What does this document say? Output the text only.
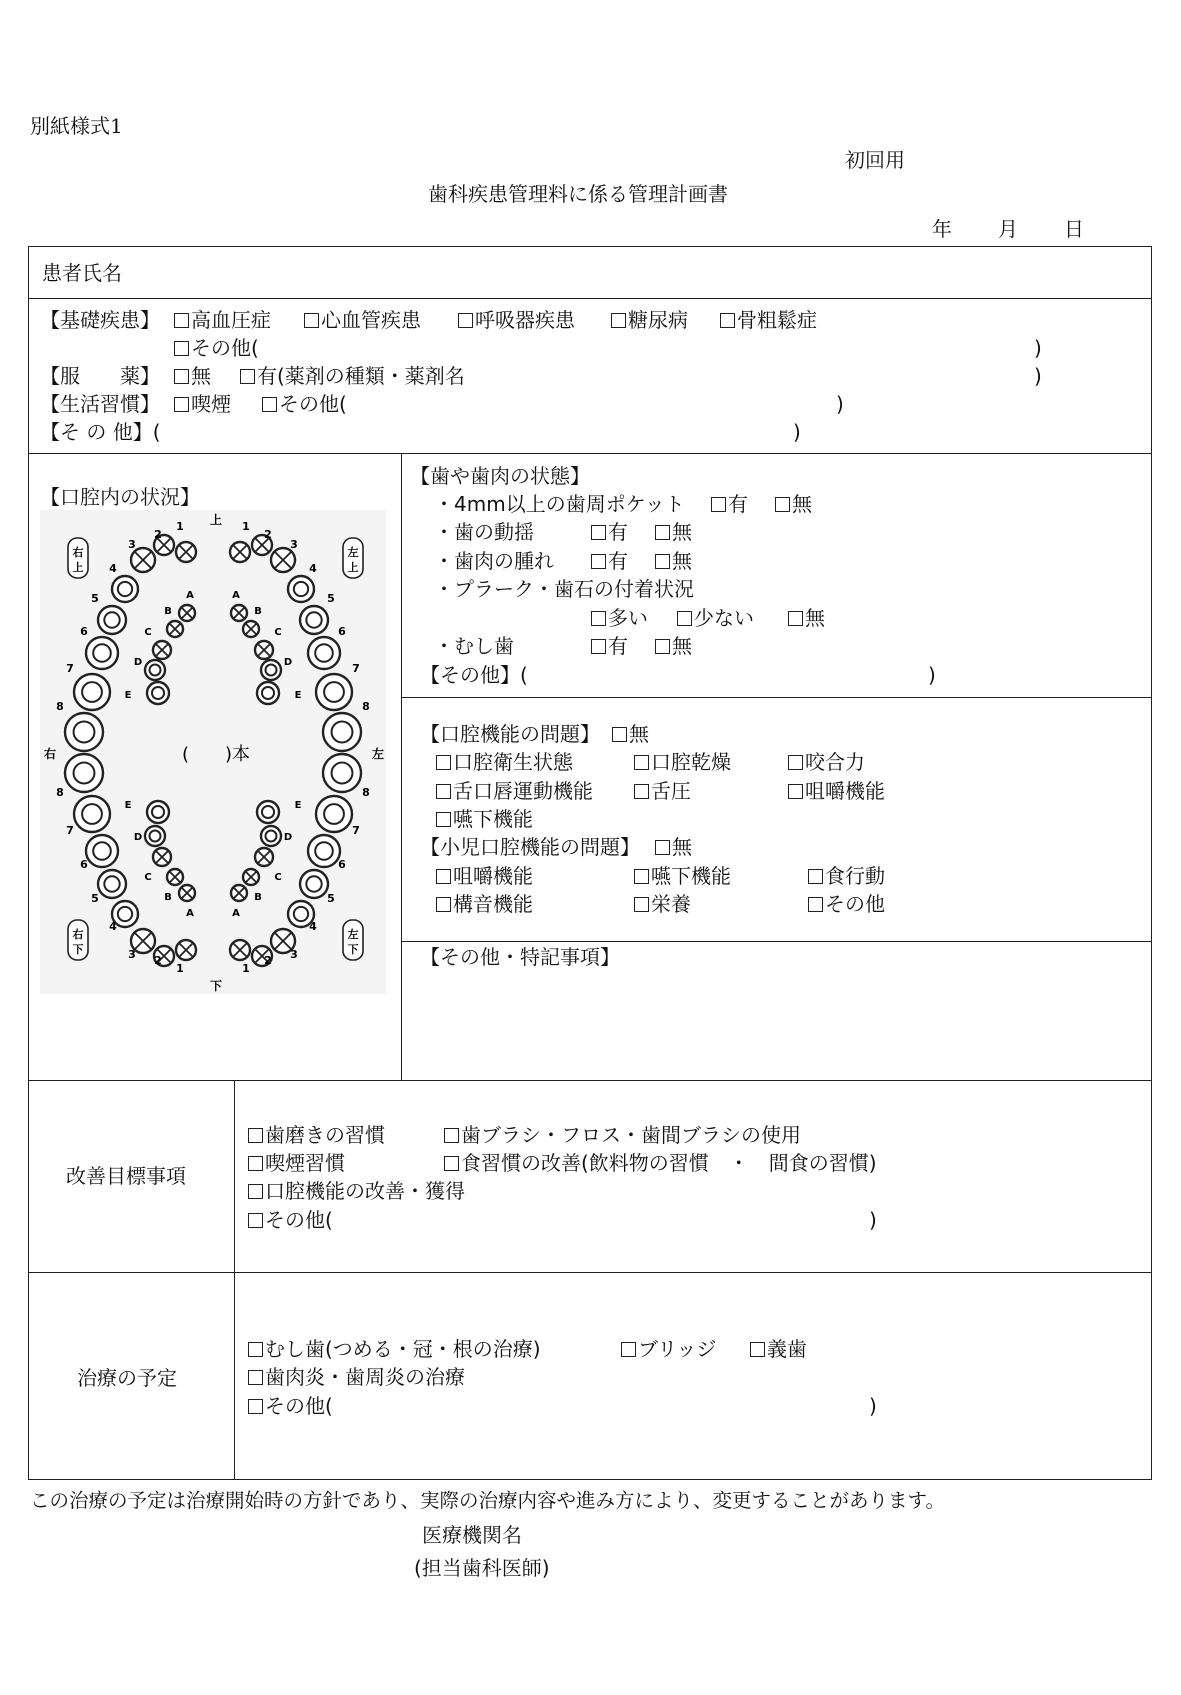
別紙様式1
初回用
歯科疾患管理料に係る管理計画書
年 月 日
患者氏名
【基礎疾患】	高血圧症	心血管疾患	呼吸器疾患	糖尿病	骨粗鬆症
その他(	)
【服　　薬】	無	有(薬剤の種類・薬剤名	)
【生活習慣】	喫煙	その他(	)
【そ の 他】(	)
【口腔内の状況】
1	1
1	1
2	2
2	2
3	3
3	3
4	4
4	4
5	5
5	5
6	6
6	6
7	7
7	7
8	8
8	8
A	A
A	A
B	B
B	B
C	C
C	C
D	D
D	D
E	E
E	E
上
下
右	左
(　　)本
右
上
左
上
右
下
左
下
【歯や歯肉の状態】
・4mm以上の歯周ポケット	有	無
・歯の動揺	有	無
・歯肉の腫れ	有	無
・プラーク・歯石の付着状況
多い	少ない	無
・むし歯	有	無
【その他】(	)
【口腔機能の問題】	無
口腔衛生状態	口腔乾燥	咬合力
舌口唇運動機能	舌圧	咀嚼機能
嚥下機能
【小児口腔機能の問題】	無
咀嚼機能	嚥下機能	食行動
構音機能	栄養	その他
【その他・特記事項】
改善目標事項
歯磨きの習慣	歯ブラシ・フロス・歯間ブラシの使用
喫煙習慣	食習慣の改善(飲料物の習慣　・　間食の習慣)
口腔機能の改善・獲得
その他(	)
治療の予定
むし歯(つめる・冠・根の治療)	ブリッジ	義歯
歯肉炎・歯周炎の治療
その他(	)
この治療の予定は治療開始時の方針であり、実際の治療内容や進み方により、変更することがあります。
医療機関名
(担当歯科医師)
